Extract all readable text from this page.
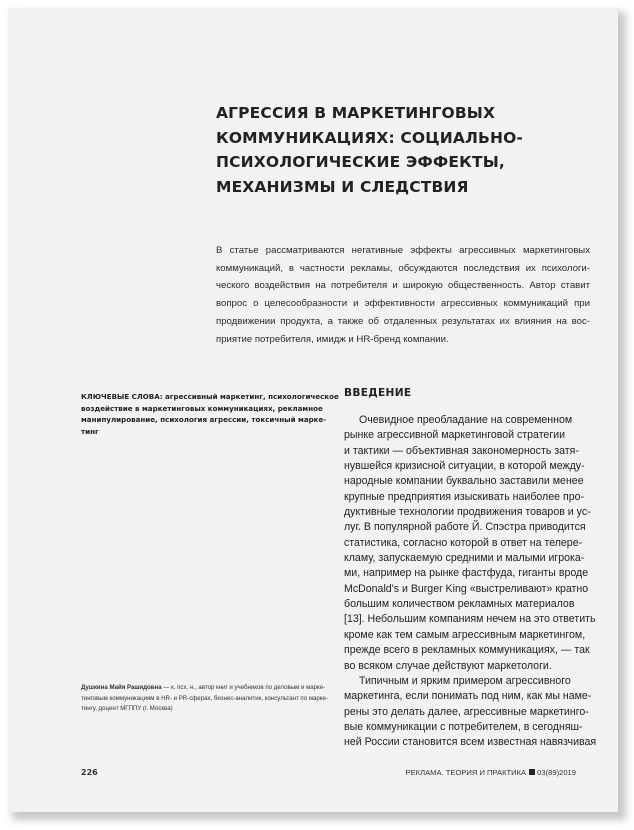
АГРЕССИЯ В МАРКЕТИНГОВЫХ
КОММУНИКАЦИЯХ: СОЦИАЛЬНО-
ПСИХОЛОГИЧЕСКИЕ ЭФФЕКТЫ,
МЕХАНИЗМЫ И СЛЕДСТВИЯ

В статье рассматриваются негативные эффекты агрессивных маркетинговых
коммуникаций, в частности рекламы, обсуждаются последствия их психологи-
ческого воздействия на потребителя и широкую общественность. Автор ставит
вопрос о целесообразности и эффективности агрессивных коммуникаций при
продвижении продукта, а также об отдаленных результатах их влияния на вос-
приятие потребителя, имидж и HR-бренд компании.

КЛЮЧЕВЫЕ СЛОВА: агрессивный маркетинг, психологическое
воздействие в маркетинговых коммуникациях, рекламное
манипулирование, психология агрессии, токсичный марке-
тинг

ВВЕДЕНИЕ

Очевидное преобладание на современном
рынке агрессивной маркетинговой стратегии
и тактики — объективная закономерность затя-
нувшейся кризисной ситуации, в которой между-
народные компании буквально заставили менее
крупные предприятия изыскивать наиболее про-
дуктивные технологии продвижения товаров и ус-
луг. В популярной работе Й. Спэстра приводится
статистика, согласно которой в ответ на телере-
кламу, запускаемую средними и малыми игрока-
ми, например на рынке фастфуда, гиганты вроде
McDonald's и Burger King «выстреливают» кратно
большим количеством рекламных материалов
[13]. Небольшим компаниям нечем на это ответить
кроме как тем самым агрессивным маркетингом,
прежде всего в рекламных коммуникациях, — так
во всяком случае действуют маркетологи.
Типичным и ярким примером агрессивного
маркетинга, если понимать под ним, как мы наме-
рены это делать далее, агрессивные маркетинго-
вые коммуникации с потребителем, в сегодняш-
ней России становится всем известная навязчивая

Душкина Майя Рашидовна — к. псх. н., автор книг и учебников по деловым и марке-
тинговым коммуникациям в HR- и PR-сферах, бизнес-аналитик, консультант по марке-
тингу, доцент МГППУ (г. Москва)

226	РЕКЛАМА. ТЕОРИЯ И ПРАКТИКА 03(89)2019
